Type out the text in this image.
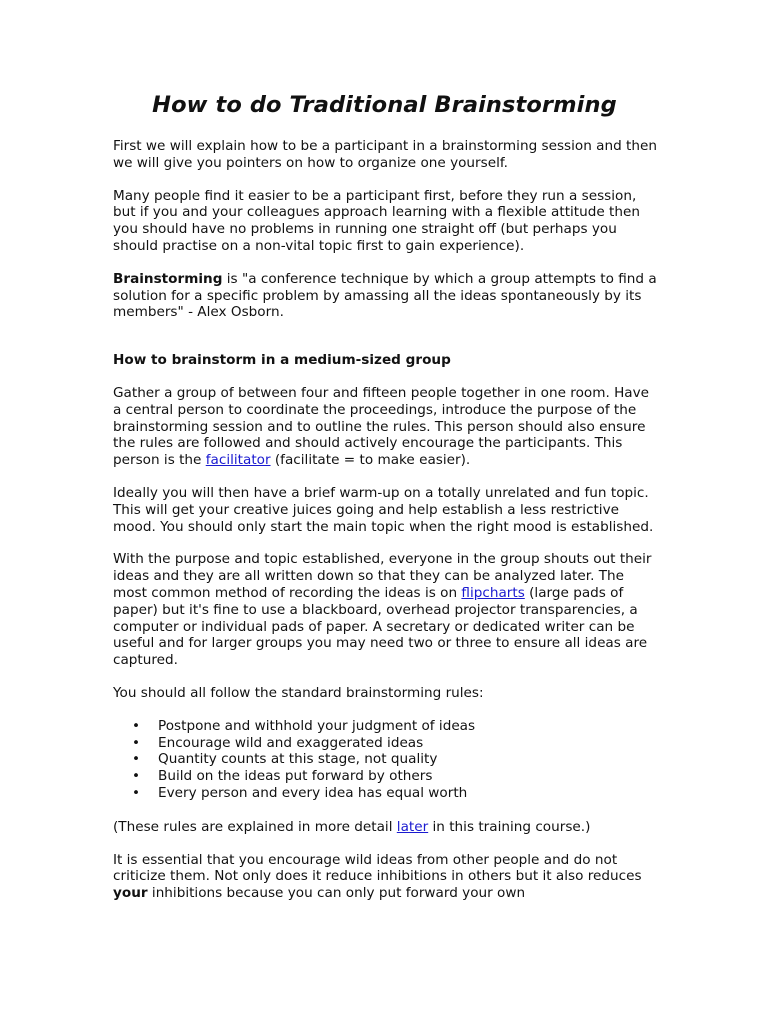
How to do Traditional Brainstorming

First we will explain how to be a participant in a brainstorming session and then we will give you pointers on how to organize one yourself.

Many people find it easier to be a participant first, before they run a session, but if you and your colleagues approach learning with a flexible attitude then you should have no problems in running one straight off (but perhaps you should practise on a non-vital topic first to gain experience).

Brainstorming is "a conference technique by which a group attempts to find a solution for a specific problem by amassing all the ideas spontaneously by its members" - Alex Osborn.

How to brainstorm in a medium-sized group

Gather a group of between four and fifteen people together in one room. Have a central person to coordinate the proceedings, introduce the purpose of the brainstorming session and to outline the rules. This person should also ensure the rules are followed and should actively encourage the participants. This person is the facilitator (facilitate = to make easier).

Ideally you will then have a brief warm-up on a totally unrelated and fun topic. This will get your creative juices going and help establish a less restrictive mood. You should only start the main topic when the right mood is established.

With the purpose and topic established, everyone in the group shouts out their ideas and they are all written down so that they can be analyzed later. The most common method of recording the ideas is on flipcharts (large pads of paper) but it's fine to use a blackboard, overhead projector transparencies, a computer or individual pads of paper. A secretary or dedicated writer can be useful and for larger groups you may need two or three to ensure all ideas are captured.

You should all follow the standard brainstorming rules:

• Postpone and withhold your judgment of ideas
• Encourage wild and exaggerated ideas
• Quantity counts at this stage, not quality
• Build on the ideas put forward by others
• Every person and every idea has equal worth

(These rules are explained in more detail later in this training course.)

It is essential that you encourage wild ideas from other people and do not criticize them. Not only does it reduce inhibitions in others but it also reduces your inhibitions because you can only put forward your own
